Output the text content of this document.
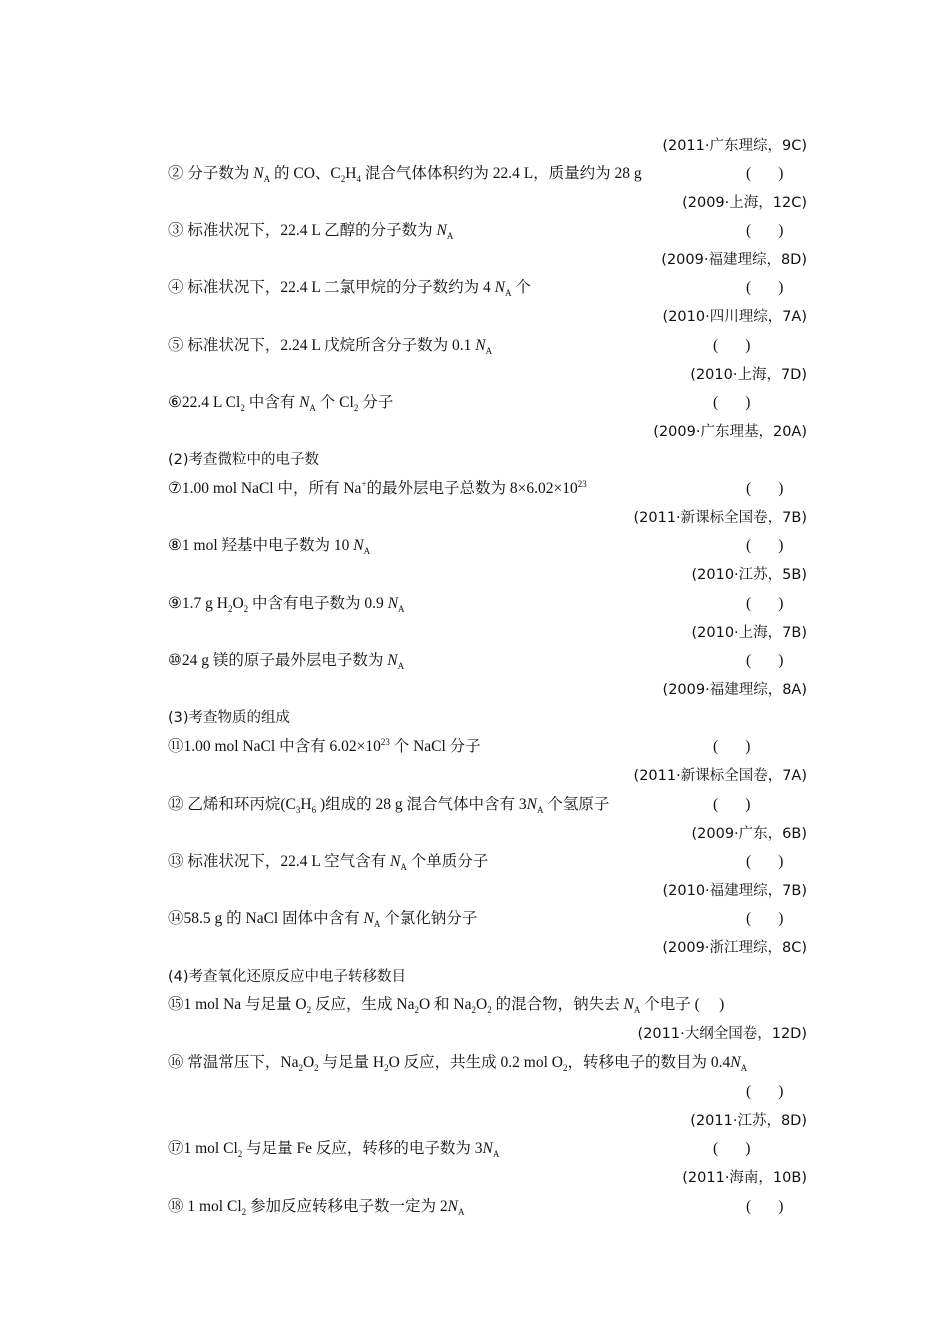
(2011·广东理综，9C)
② 分子数为 $N_A$ 的 CO、$C_2H_4$ 混合气体体积约为 22.4 L，质量约为 28 g	(       )
(2009·上海，12C)
③ 标准状况下，22.4 L 乙醇的分子数为 $N_A$	(       )
(2009·福建理综，8D)
④ 标准状况下，22.4 L 二氯甲烷的分子数约为 4 $N_A$ 个	(       )
(2010·四川理综，7A)
⑤ 标准状况下，2.24 L 戊烷所含分子数为 0.1 $N_A$	(       )
(2010·上海，7D)
⑥22.4 L $Cl_2$ 中含有 $N_A$ 个 $Cl_2$ 分子	(       )
(2009·广东理基，20A)
(2)考查微粒中的电子数
⑦1.00 mol NaCl 中，所有 Na+的最外层电子总数为 $8\times 6.02\times 10^{23}$	(       )
(2011·新课标全国卷，7B)
⑧1 mol 羟基中电子数为 10 $N_A$	(       )
(2010·江苏，5B)
⑨1.7 g $H_2O_2$ 中含有电子数为 0.9 $N_A$	(       )
(2010·上海，7B)
⑩24 g 镁的原子最外层电子数为 $N_A$	(       )
(2009·福建理综，8A)
(3)考查物质的组成
⑪1.00 mol NaCl 中含有 $6.02\times 10^{23}$ 个 NaCl 分子	(       )
(2011·新课标全国卷，7A)
⑫ 乙烯和环丙烷($C_3H_6$ )组成的 28 g 混合气体中含有 $3N_A$ 个氢原子	(       )
(2009·广东，6B)
⑬ 标准状况下，22.4 L 空气含有 $N_A$ 个单质分子	(       )
(2010·福建理综，7B)
⑭58.5 g 的 NaCl 固体中含有 $N_A$ 个氯化钠分子	(       )
(2009·浙江理综，8C)
(4)考查氧化还原反应中电子转移数目
⑮1 mol Na 与足量 $O_2$ 反应，生成 $Na_2O$ 和 $Na_2O_2$ 的混合物，钠失去 $N_A$ 个电子 (     )
(2011·大纲全国卷，12D)
⑯ 常温常压下，$Na_2O_2$ 与足量 $H_2O$ 反应，共生成 0.2 mol $O_2$，转移电子的数目为 $0.4N_A$
(       )
(2011·江苏，8D)
⑰1 mol $Cl_2$ 与足量 Fe 反应，转移的电子数为 $3N_A$	(       )
(2011·海南，10B)
⑱ 1 mol $Cl_2$ 参加反应转移电子数一定为 $2N_A$	(       )
